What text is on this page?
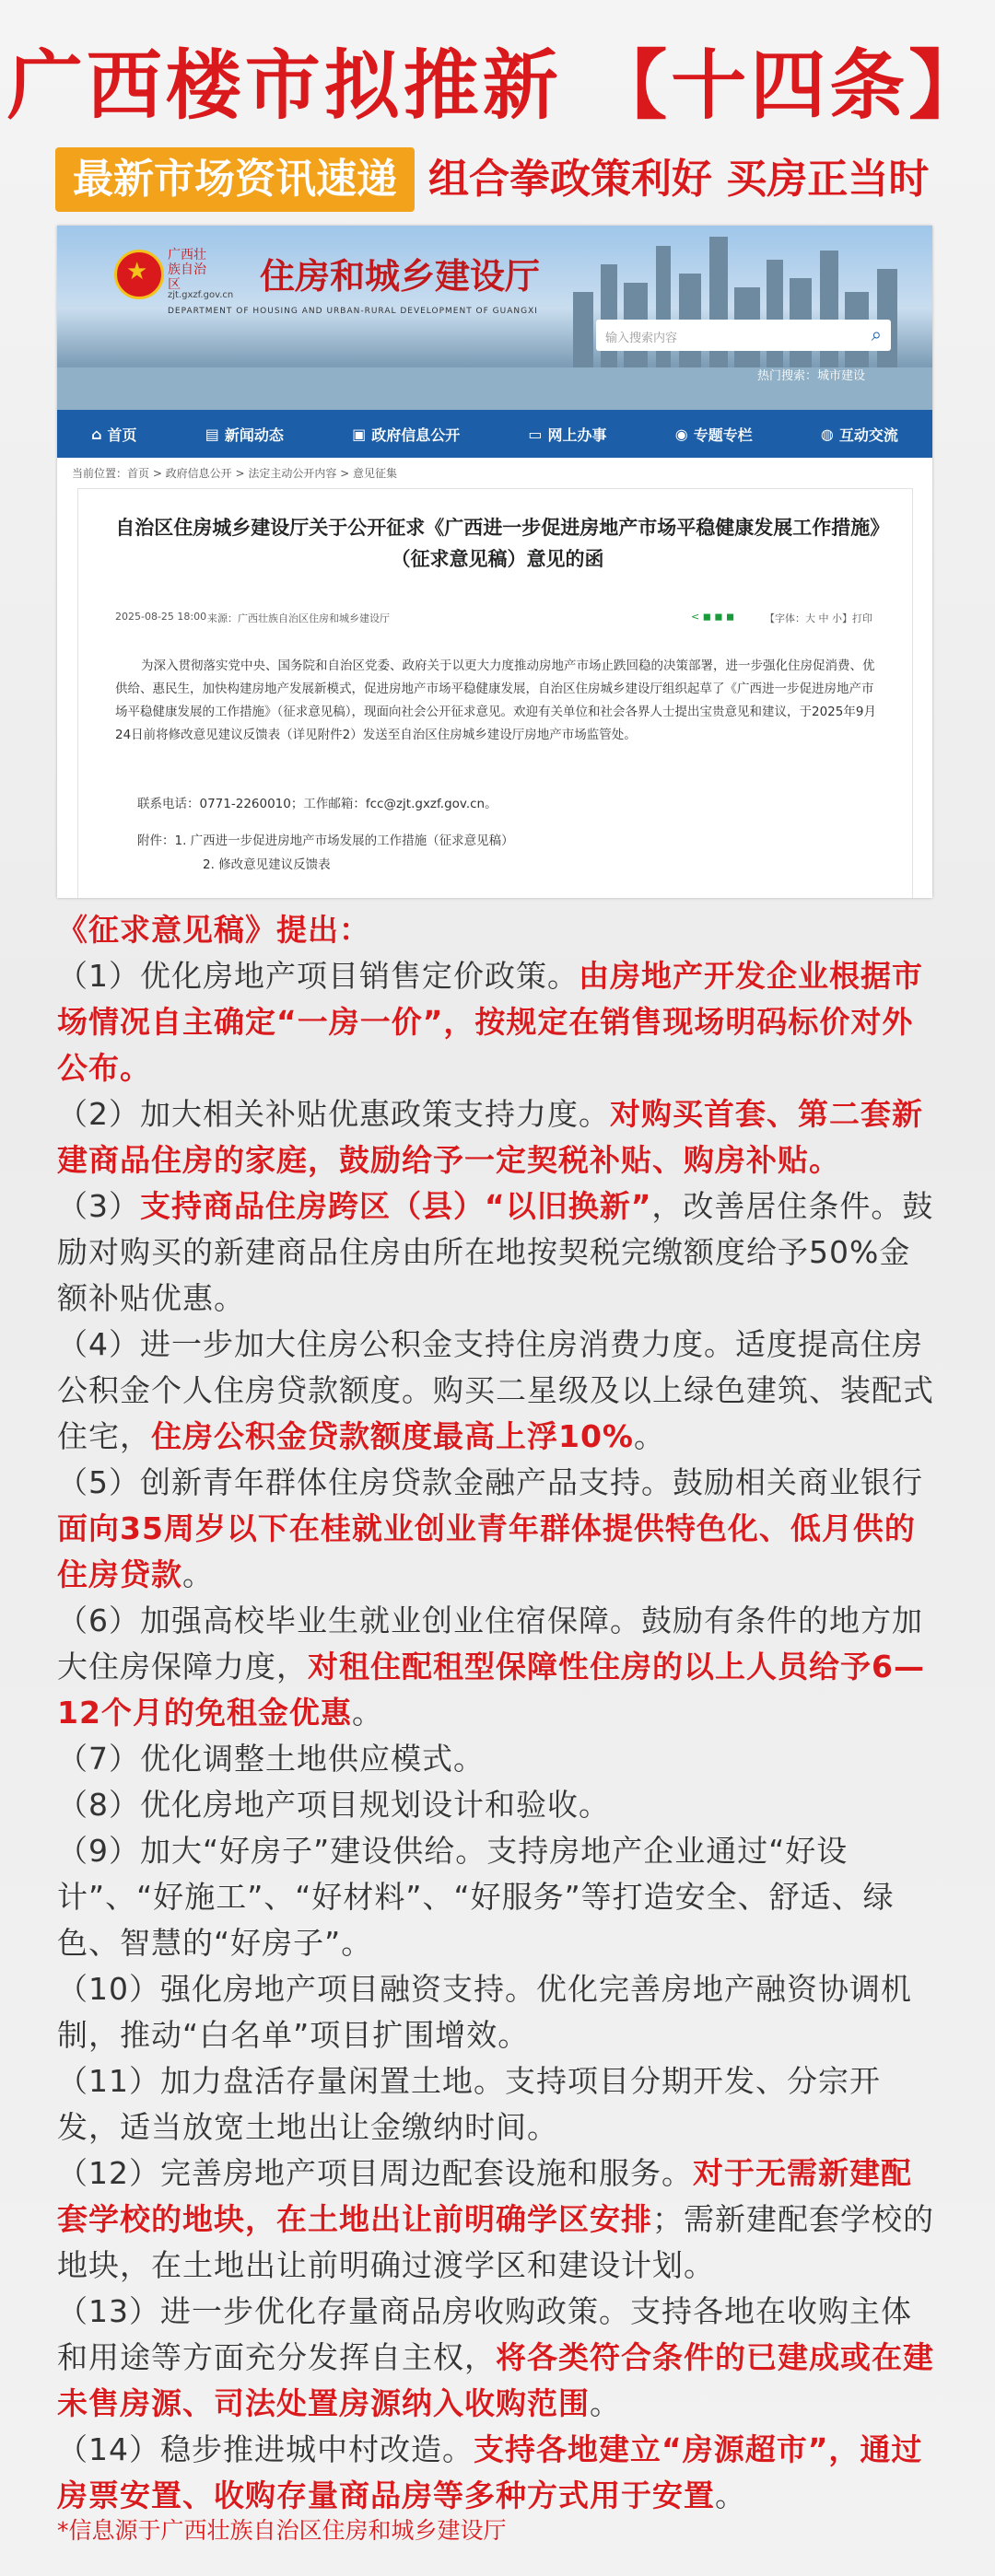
广西楼市拟推新 【十四条】
最新市场资讯速递 组合拳政策利好 买房正当时
★
广西壮族自治区
zjt.gxzf.gov.cn 住房和城乡建设厅
DEPARTMENT OF HOUSING AND URBAN-RURAL DEVELOPMENT OF GUANGXI
输入搜索内容	⌕
热门搜索：城市建设
⌂ 首页	▤ 新闻动态	▣ 政府信息公开	▭ 网上办事	◉ 专题专栏	◍ 互动交流
当前位置：首页 > 政府信息公开 > 法定主动公开内容 > 意见征集
自治区住房城乡建设厅关于公开征求《广西进一步促进房地产市场平稳健康发展工作措施》（征求意见稿）意见的函
2025-08-25 18:00 来源：广西壮族自治区住房和城乡建设厅	< ◼ ◼ ◼	【字体：大 中 小】 打印
为深入贯彻落实党中央、国务院和自治区党委、政府关于以更大力度推动房地产市场止跌回稳的决策部署，进一步强化住房促消费、优供给、惠民生，加快构建房地产发展新模式，促进房地产市场平稳健康发展，自治区住房城乡建设厅组织起草了《广西进一步促进房地产市场平稳健康发展的工作措施》（征求意见稿），现面向社会公开征求意见。欢迎有关单位和社会各界人士提出宝贵意见和建议，于2025年9月24日前将修改意见建议反馈表（详见附件2）发送至自治区住房城乡建设厅房地产市场监管处。
联系电话：0771-2260010；工作邮箱：fcc@zjt.gxzf.gov.cn。
附件：1. 广西进一步促进房地产市场发展的工作措施（征求意见稿）
2. 修改意见建议反馈表

《征求意见稿》提出：

（1）优化房地产项目销售定价政策。由房地产开发企业根据市场情况自主确定“一房一价”，按规定在销售现场明码标价对外公布。

（2）加大相关补贴优惠政策支持力度。对购买首套、第二套新建商品住房的家庭，鼓励给予一定契税补贴、购房补贴。

（3）支持商品住房跨区（县）“以旧换新”，改善居住条件。鼓励对购买的新建商品住房由所在地按契税完缴额度给予50%金额补贴优惠。

（4）进一步加大住房公积金支持住房消费力度。适度提高住房公积金个人住房贷款额度。购买二星级及以上绿色建筑、装配式住宅，住房公积金贷款额度最高上浮10%。

（5）创新青年群体住房贷款金融产品支持。鼓励相关商业银行面向35周岁以下在桂就业创业青年群体提供特色化、低月供的住房贷款。

（6）加强高校毕业生就业创业住宿保障。鼓励有条件的地方加大住房保障力度，对租住配租型保障性住房的以上人员给予6—12个月的免租金优惠。

（7）优化调整土地供应模式。

（8）优化房地产项目规划设计和验收。

（9）加大“好房子”建设供给。支持房地产企业通过“好设计”、“好施工”、“好材料”、“好服务”等打造安全、舒适、绿色、智慧的“好房子”。

（10）强化房地产项目融资支持。优化完善房地产融资协调机制，推动“白名单”项目扩围增效。

（11）加力盘活存量闲置土地。支持项目分期开发、分宗开发，适当放宽土地出让金缴纳时间。

（12）完善房地产项目周边配套设施和服务。对于无需新建配套学校的地块，在土地出让前明确学区安排；需新建配套学校的地块，在土地出让前明确过渡学区和建设计划。

（13）进一步优化存量商品房收购政策。支持各地在收购主体和用途等方面充分发挥自主权，将各类符合条件的已建成或在建未售房源、司法处置房源纳入收购范围。

（14）稳步推进城中村改造。支持各地建立“房源超市”，通过房票安置、收购存量商品房等多种方式用于安置。

*信息源于广西壮族自治区住房和城乡建设厅
